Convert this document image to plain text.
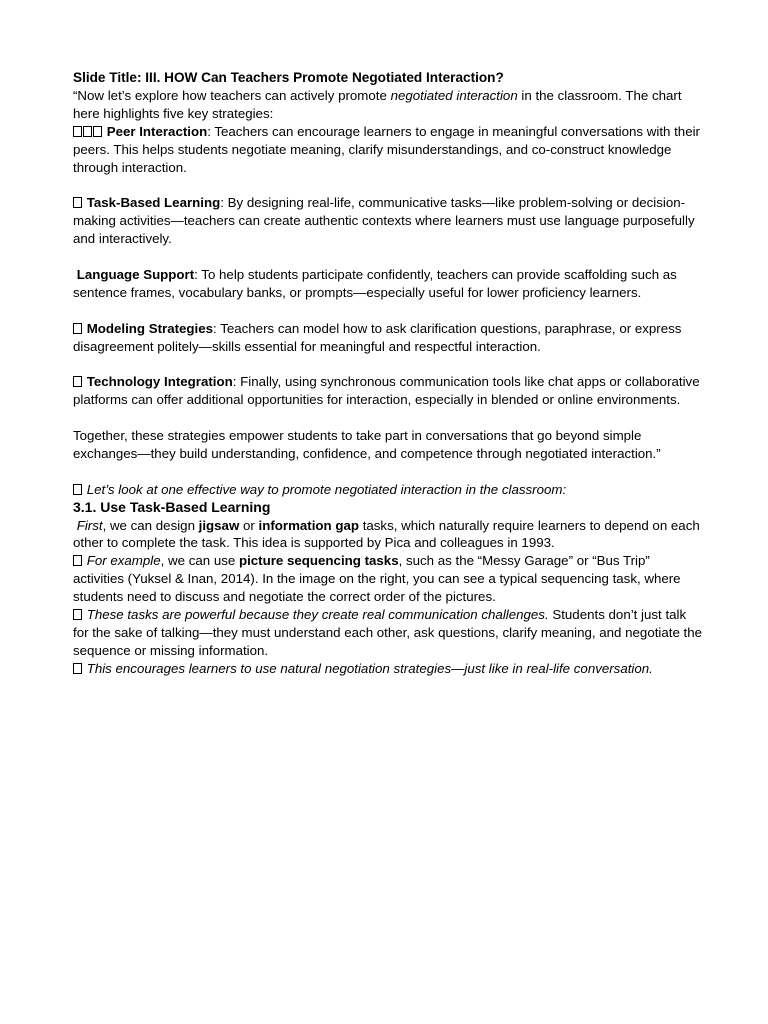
Slide Title: III. HOW Can Teachers Promote Negotiated Interaction?

“Now let’s explore how teachers can actively promote negotiated interaction in the classroom. The chart here highlights five key strategies:

Peer Interaction: Teachers can encourage learners to engage in meaningful conversations with their peers. This helps students negotiate meaning, clarify misunderstandings, and co-construct knowledge through interaction.

Task-Based Learning: By designing real-life, communicative tasks—like problem-solving or decision-making activities—teachers can create authentic contexts where learners must use language purposefully and interactively.

Language Support: To help students participate confidently, teachers can provide scaffolding such as sentence frames, vocabulary banks, or prompts—especially useful for lower proficiency learners.

Modeling Strategies: Teachers can model how to ask clarification questions, paraphrase, or express disagreement politely—skills essential for meaningful and respectful interaction.

Technology Integration: Finally, using synchronous communication tools like chat apps or collaborative platforms can offer additional opportunities for interaction, especially in blended or online environments.

Together, these strategies empower students to take part in conversations that go beyond simple exchanges—they build understanding, confidence, and competence through negotiated interaction.”

Let’s look at one effective way to promote negotiated interaction in the classroom:

3.1. Use Task-Based Learning

First, we can design jigsaw or information gap tasks, which naturally require learners to depend on each other to complete the task. This idea is supported by Pica and colleagues in 1993.

For example, we can use picture sequencing tasks, such as the “Messy Garage” or “Bus Trip” activities (Yuksel & Inan, 2014). In the image on the right, you can see a typical sequencing task, where students need to discuss and negotiate the correct order of the pictures.

These tasks are powerful because they create real communication challenges. Students don’t just talk for the sake of talking—they must understand each other, ask questions, clarify meaning, and negotiate the sequence or missing information.

This encourages learners to use natural negotiation strategies—just like in real-life conversation.
